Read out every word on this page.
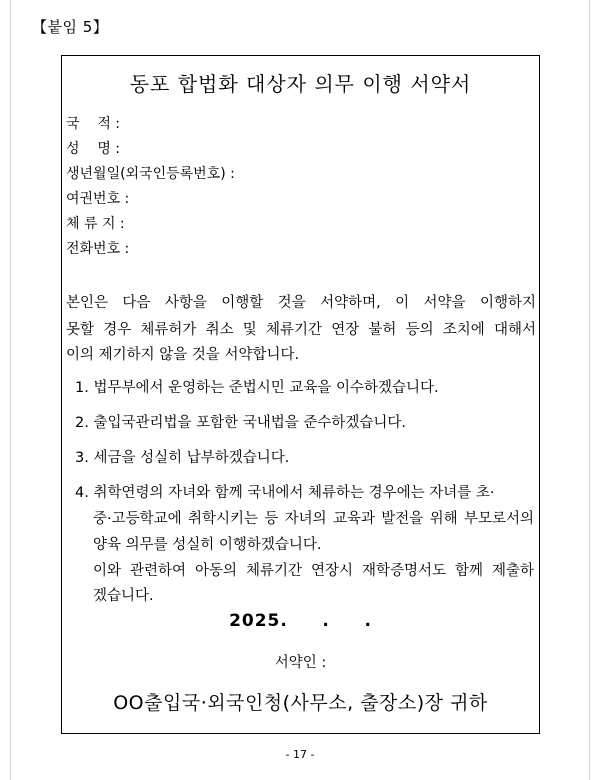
【붙임 5】
동포 합법화 대상자 의무 이행 서약서
국    적 :
성    명 :
생년월일(외국인등록번호) :
여권번호 :
체 류 지 :
전화번호 :
본인은 다음 사항을 이행할 것을 서약하며, 이 서약을 이행하지
못할 경우 체류허가 취소 및 체류기간 연장 불허 등의 조치에 대해서
이의 제기하지 않을 것을 서약합니다.
1. 법무부에서 운영하는 준법시민 교육을 이수하겠습니다.
2. 출입국관리법을 포함한 국내법을 준수하겠습니다.
3. 세금을 성실히 납부하겠습니다.
4. 취학연령의 자녀와 함께 국내에서 체류하는 경우에는 자녀를 초·
중·고등학교에 취학시키는 등 자녀의 교육과 발전을 위해 부모로서의
양육 의무를 성실히 이행하겠습니다.
이와 관련하여 아동의 체류기간 연장시 재학증명서도 함께 제출하
겠습니다.
2025.     .     .
서약인 :
OO출입국·외국인청(사무소, 출장소)장 귀하
- 17 -
